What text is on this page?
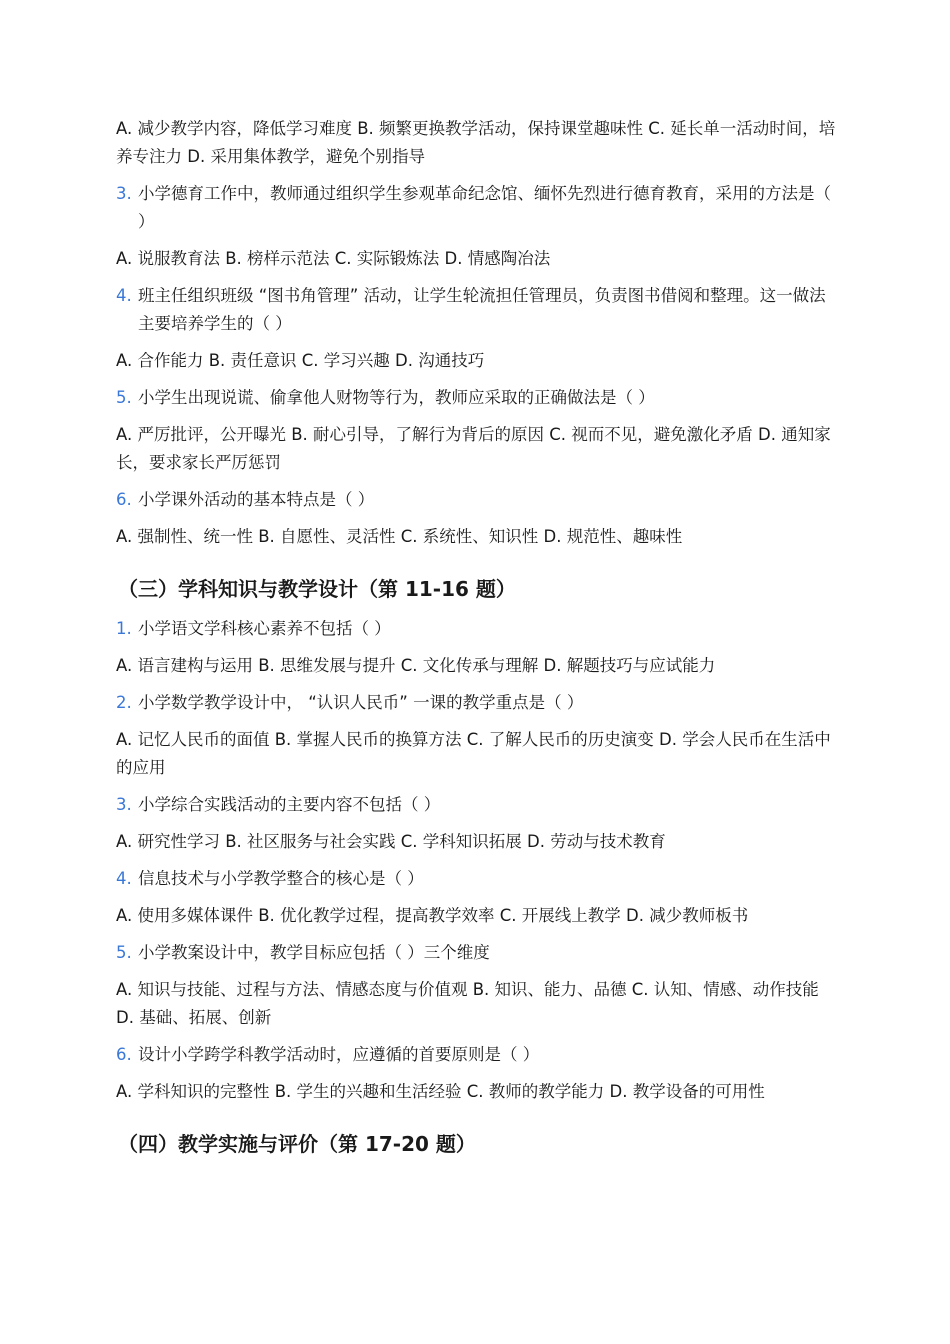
A. 减少教学内容，降低学习难度 B. 频繁更换教学活动，保持课堂趣味性 C. 延长单一活动时间，培养专注力 D. 采用集体教学，避免个别指导

3. 小学德育工作中，教师通过组织学生参观革命纪念馆、缅怀先烈进行德育教育，采用的方法是（ ）

A. 说服教育法 B. 榜样示范法 C. 实际锻炼法 D. 情感陶冶法

4. 班主任组织班级 “图书角管理” 活动，让学生轮流担任管理员，负责图书借阅和整理。这一做法主要培养学生的（ ）

A. 合作能力 B. 责任意识 C. 学习兴趣 D. 沟通技巧

5. 小学生出现说谎、偷拿他人财物等行为，教师应采取的正确做法是（ ）

A. 严厉批评，公开曝光 B. 耐心引导，了解行为背后的原因 C. 视而不见，避免激化矛盾 D. 通知家长，要求家长严厉惩罚

6. 小学课外活动的基本特点是（ ）

A. 强制性、统一性 B. 自愿性、灵活性 C. 系统性、知识性 D. 规范性、趣味性

（三）学科知识与教学设计（第 11-16 题）

1. 小学语文学科核心素养不包括（ ）

A. 语言建构与运用 B. 思维发展与提升 C. 文化传承与理解 D. 解题技巧与应试能力

2. 小学数学教学设计中， “认识人民币” 一课的教学重点是（ ）

A. 记忆人民币的面值 B. 掌握人民币的换算方法 C. 了解人民币的历史演变 D. 学会人民币在生活中的应用

3. 小学综合实践活动的主要内容不包括（ ）

A. 研究性学习 B. 社区服务与社会实践 C. 学科知识拓展 D. 劳动与技术教育

4. 信息技术与小学教学整合的核心是（ ）

A. 使用多媒体课件 B. 优化教学过程，提高教学效率 C. 开展线上教学 D. 减少教师板书

5. 小学教案设计中，教学目标应包括（ ）三个维度

A. 知识与技能、过程与方法、情感态度与价值观 B. 知识、能力、品德 C. 认知、情感、动作技能 D. 基础、拓展、创新

6. 设计小学跨学科教学活动时，应遵循的首要原则是（ ）

A. 学科知识的完整性 B. 学生的兴趣和生活经验 C. 教师的教学能力 D. 教学设备的可用性

（四）教学实施与评价（第 17-20 题）
